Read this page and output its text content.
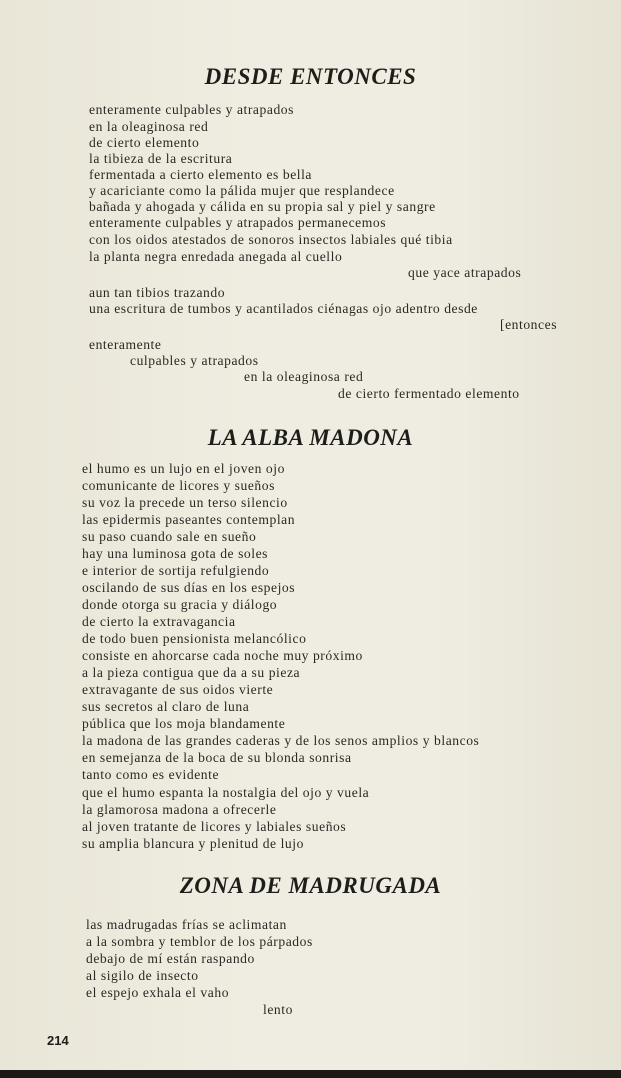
DESDE ENTONCES
enteramente culpables y atrapados
en la oleaginosa red
de cierto elemento
la tibieza de la escritura
fermentada a cierto elemento es bella
y acariciante como la pálida mujer que resplandece
bañada y ahogada y cálida en su propia sal y piel y sangre
enteramente culpables y atrapados permanecemos
con los oidos atestados de sonoros insectos labiales qué tibia
la planta negra enredada anegada al cuello
que yace atrapados
aun tan tibios trazando
una escritura de tumbos y acantilados ciénagas ojo adentro desde
[entonces
enteramente
culpables y atrapados
en la oleaginosa red
de cierto fermentado elemento
LA ALBA MADONA
el humo es un lujo en el joven ojo
comunicante de licores y sueños
su voz la precede un terso silencio
las epidermis paseantes contemplan
su paso cuando sale en sueño
hay una luminosa gota de soles
e interior de sortija refulgiendo
oscilando de sus días en los espejos
donde otorga su gracia y diálogo
de cierto la extravagancia
de todo buen pensionista melancólico
consiste en ahorcarse cada noche muy próximo
a la pieza contigua que da a su pieza
extravagante de sus oidos vierte
sus secretos al claro de luna
pública que los moja blandamente
la madona de las grandes caderas y de los senos amplios y blancos
en semejanza de la boca de su blonda sonrisa
tanto como es evidente
que el humo espanta la nostalgia del ojo y vuela
la glamorosa madona a ofrecerle
al joven tratante de licores y labiales sueños
su amplia blancura y plenitud de lujo
ZONA DE MADRUGADA
las madrugadas frías se aclimatan
a la sombra y temblor de los párpados
debajo de mí están raspando
al sigilo de insecto
el espejo exhala el vaho
lento
214
